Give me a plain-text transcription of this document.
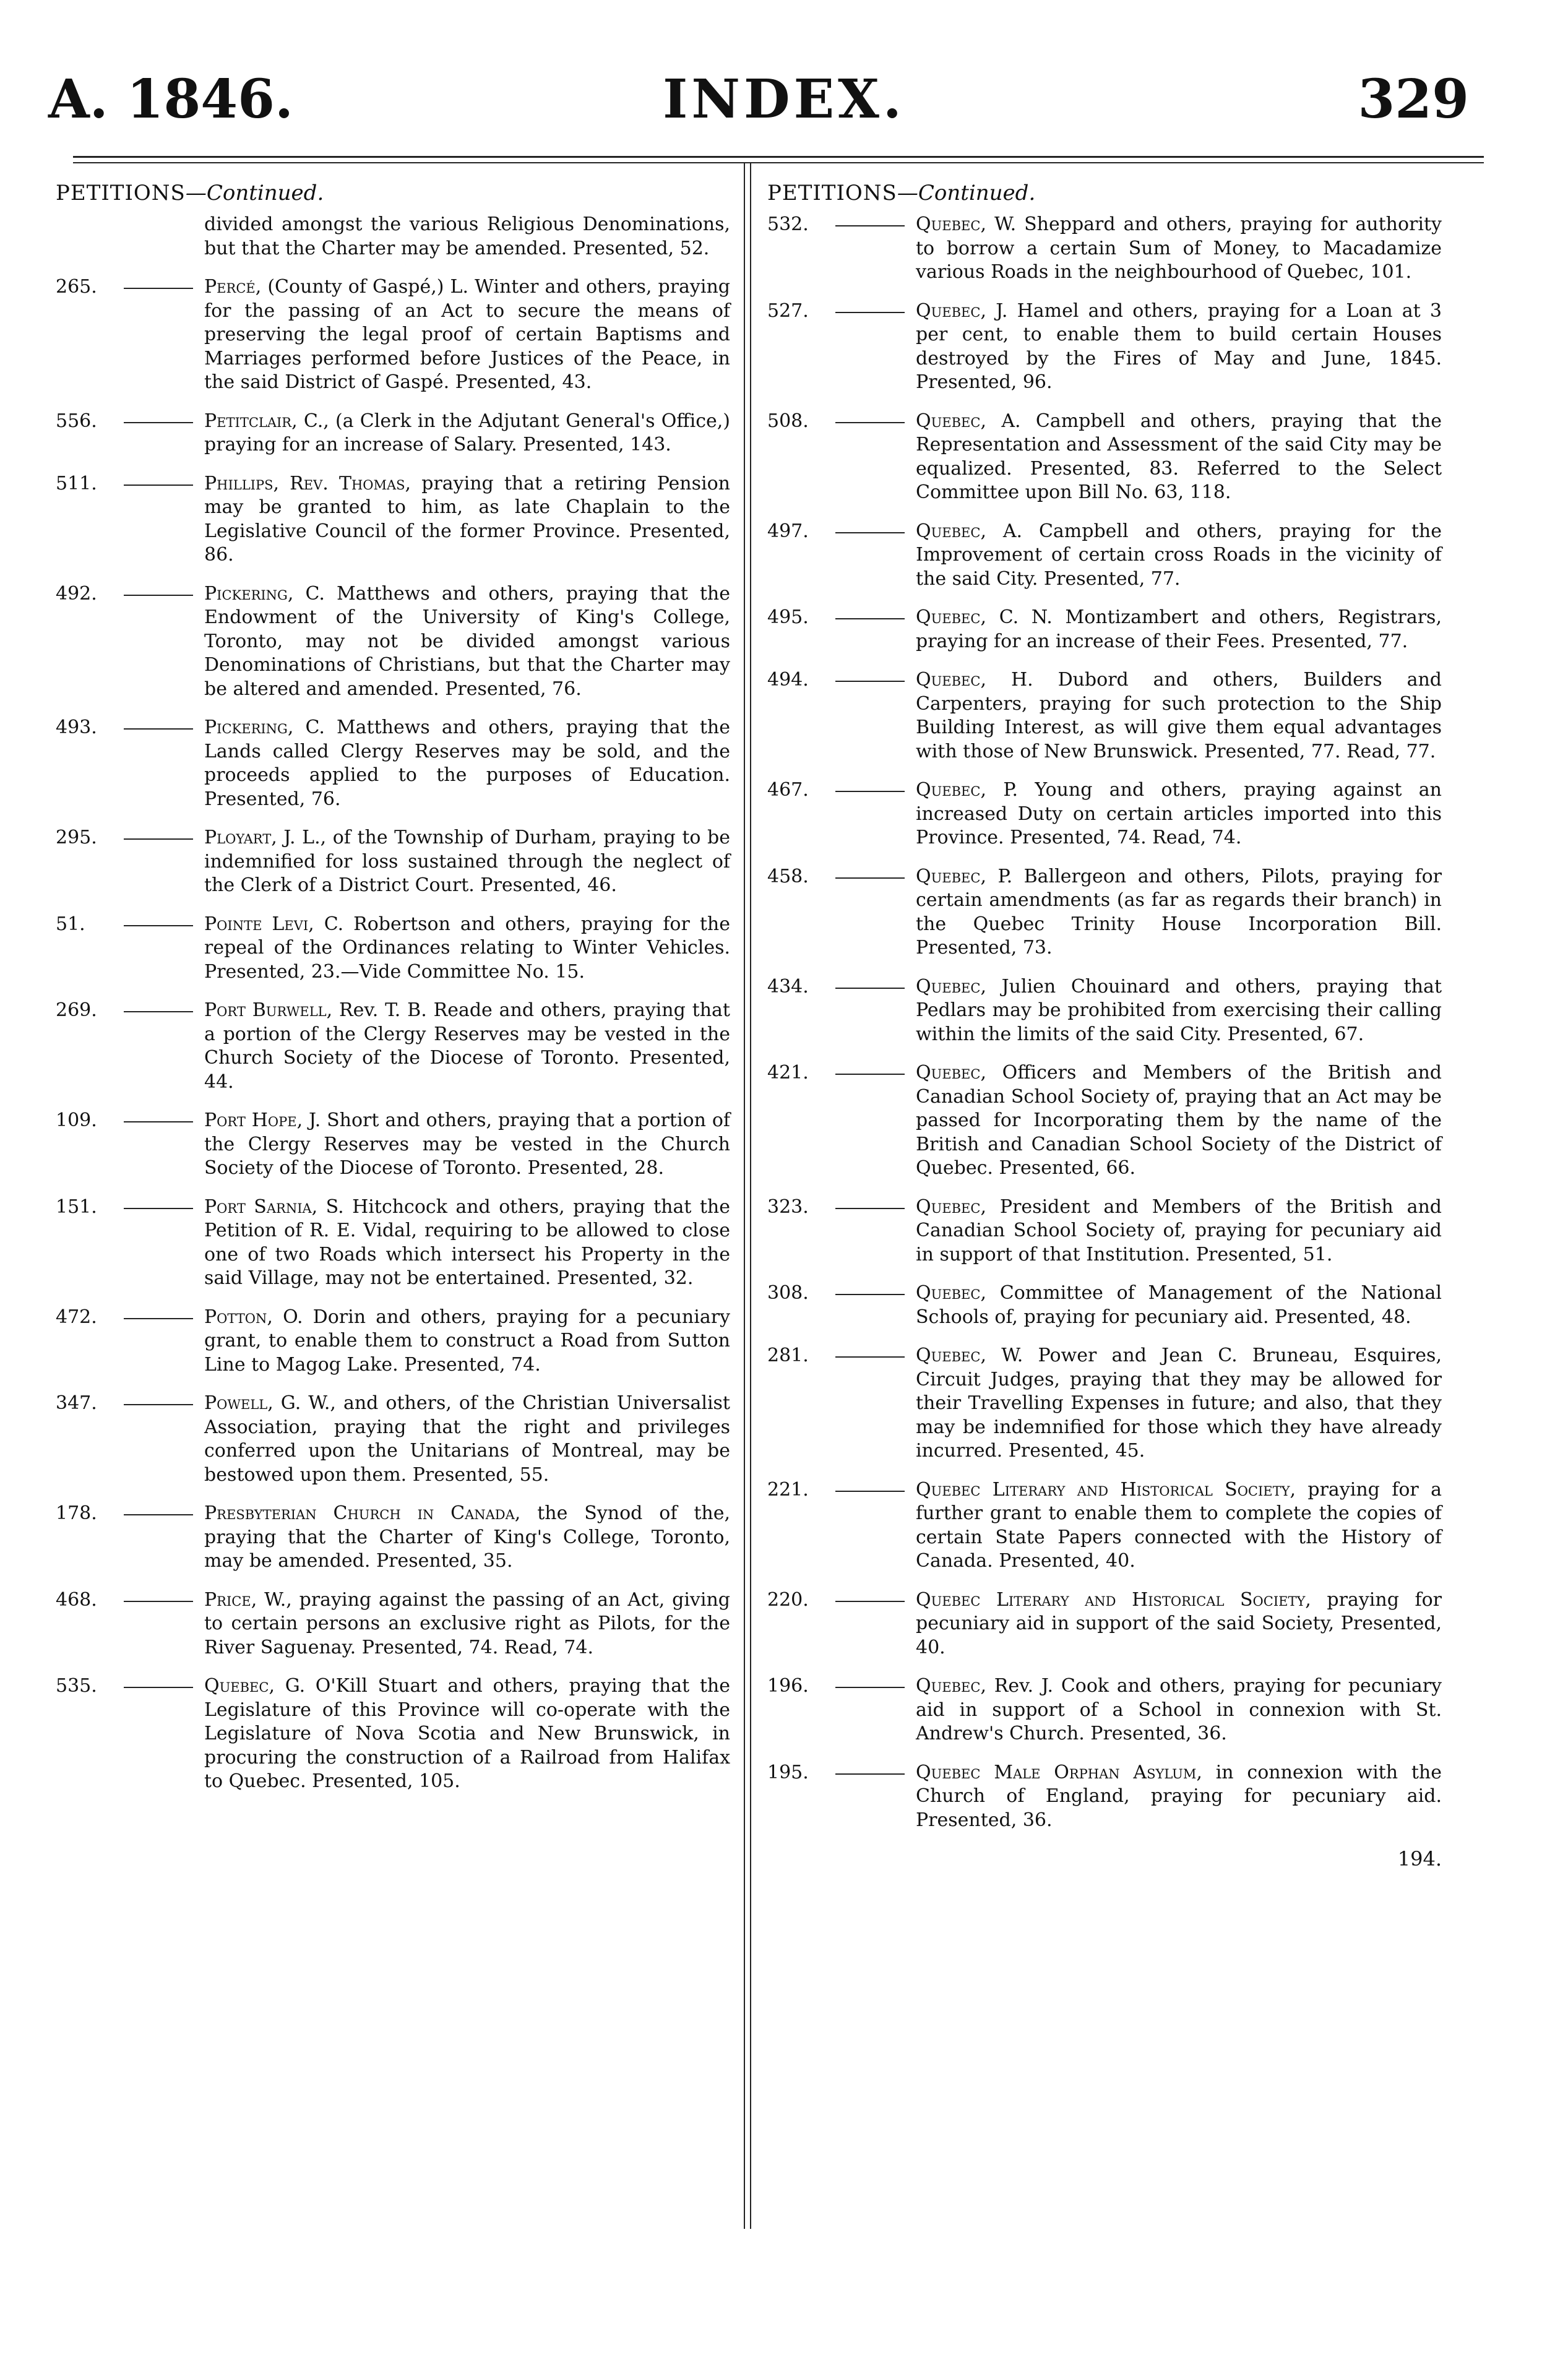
A. 1846.	INDEX.	329
PETITIONS—Continued.
divided amongst the various Religious Denominations, but that the Charter may be amended. Presented, 52.
265.	Percé, (County of Gaspé,) L. Winter and others, praying for the passing of an Act to secure the means of preserving the legal proof of certain Baptisms and Marriages performed before Justices of the Peace, in the said District of Gaspé. Presented, 43.
556.	Petitclair, C., (a Clerk in the Adjutant General's Office,) praying for an increase of Salary. Presented, 143.
511.	Phillips, Rev. Thomas, praying that a retiring Pension may be granted to him, as late Chaplain to the Legislative Council of the former Province. Presented, 86.
492.	Pickering, C. Matthews and others, praying that the Endowment of the University of King's College, Toronto, may not be divided amongst various Denominations of Christians, but that the Charter may be altered and amended. Presented, 76.
493.	Pickering, C. Matthews and others, praying that the Lands called Clergy Reserves may be sold, and the proceeds applied to the purposes of Education. Presented, 76.
295.	Ployart, J. L., of the Township of Durham, praying to be indemnified for loss sustained through the neglect of the Clerk of a District Court. Presented, 46.
51.	Pointe Levi, C. Robertson and others, praying for the repeal of the Ordinances relating to Winter Vehicles. Presented, 23.—Vide Committee No. 15.
269.	Port Burwell, Rev. T. B. Reade and others, praying that a portion of the Clergy Reserves may be vested in the Church Society of the Diocese of Toronto. Presented, 44.
109.	Port Hope, J. Short and others, praying that a portion of the Clergy Reserves may be vested in the Church Society of the Diocese of Toronto. Presented, 28.
151.	Port Sarnia, S. Hitchcock and others, praying that the Petition of R. E. Vidal, requiring to be allowed to close one of two Roads which intersect his Property in the said Village, may not be entertained. Presented, 32.
472.	Potton, O. Dorin and others, praying for a pecuniary grant, to enable them to construct a Road from Sutton Line to Magog Lake. Presented, 74.
347.	Powell, G. W., and others, of the Christian Universalist Association, praying that the right and privileges conferred upon the Unitarians of Montreal, may be bestowed upon them. Presented, 55.
178.	Presbyterian Church in Canada, the Synod of the, praying that the Charter of King's College, Toronto, may be amended. Presented, 35.
468.	Price, W., praying against the passing of an Act, giving to certain persons an exclusive right as Pilots, for the River Saguenay. Presented, 74. Read, 74.
535.	Quebec, G. O'Kill Stuart and others, praying that the Legislature of this Province will co-operate with the Legislature of Nova Scotia and New Brunswick, in procuring the construction of a Railroad from Halifax to Quebec. Presented, 105.
PETITIONS—Continued.
532.	Quebec, W. Sheppard and others, praying for authority to borrow a certain Sum of Money, to Macadamize various Roads in the neighbourhood of Quebec, 101.
527.	Quebec, J. Hamel and others, praying for a Loan at 3 per cent, to enable them to build certain Houses destroyed by the Fires of May and June, 1845. Presented, 96.
508.	Quebec, A. Campbell and others, praying that the Representation and Assessment of the said City may be equalized. Presented, 83. Referred to the Select Committee upon Bill No. 63, 118.
497.	Quebec, A. Campbell and others, praying for the Improvement of certain cross Roads in the vicinity of the said City. Presented, 77.
495.	Quebec, C. N. Montizambert and others, Registrars, praying for an increase of their Fees. Presented, 77.
494.	Quebec, H. Dubord and others, Builders and Carpenters, praying for such protection to the Ship Building Interest, as will give them equal advantages with those of New Brunswick. Presented, 77. Read, 77.
467.	Quebec, P. Young and others, praying against an increased Duty on certain articles imported into this Province. Presented, 74. Read, 74.
458.	Quebec, P. Ballergeon and others, Pilots, praying for certain amendments (as far as regards their branch) in the Quebec Trinity House Incorporation Bill. Presented, 73.
434.	Quebec, Julien Chouinard and others, praying that Pedlars may be prohibited from exercising their calling within the limits of the said City. Presented, 67.
421.	Quebec, Officers and Members of the British and Canadian School Society of, praying that an Act may be passed for Incorporating them by the name of the British and Canadian School Society of the District of Quebec. Presented, 66.
323.	Quebec, President and Members of the British and Canadian School Society of, praying for pecuniary aid in support of that Institution. Presented, 51.
308.	Quebec, Committee of Management of the National Schools of, praying for pecuniary aid. Presented, 48.
281.	Quebec, W. Power and Jean C. Bruneau, Esquires, Circuit Judges, praying that they may be allowed for their Travelling Expenses in future; and also, that they may be indemnified for those which they have already incurred. Presented, 45.
221.	Quebec Literary and Historical Society, praying for a further grant to enable them to complete the copies of certain State Papers connected with the History of Canada. Presented, 40.
220.	Quebec Literary and Historical Society, praying for pecuniary aid in support of the said Society, Presented, 40.
196.	Quebec, Rev. J. Cook and others, praying for pecuniary aid in support of a School in connexion with St. Andrew's Church. Presented, 36.
195.	Quebec Male Orphan Asylum, in connexion with the Church of England, praying for pecuniary aid. Presented, 36.
194.
